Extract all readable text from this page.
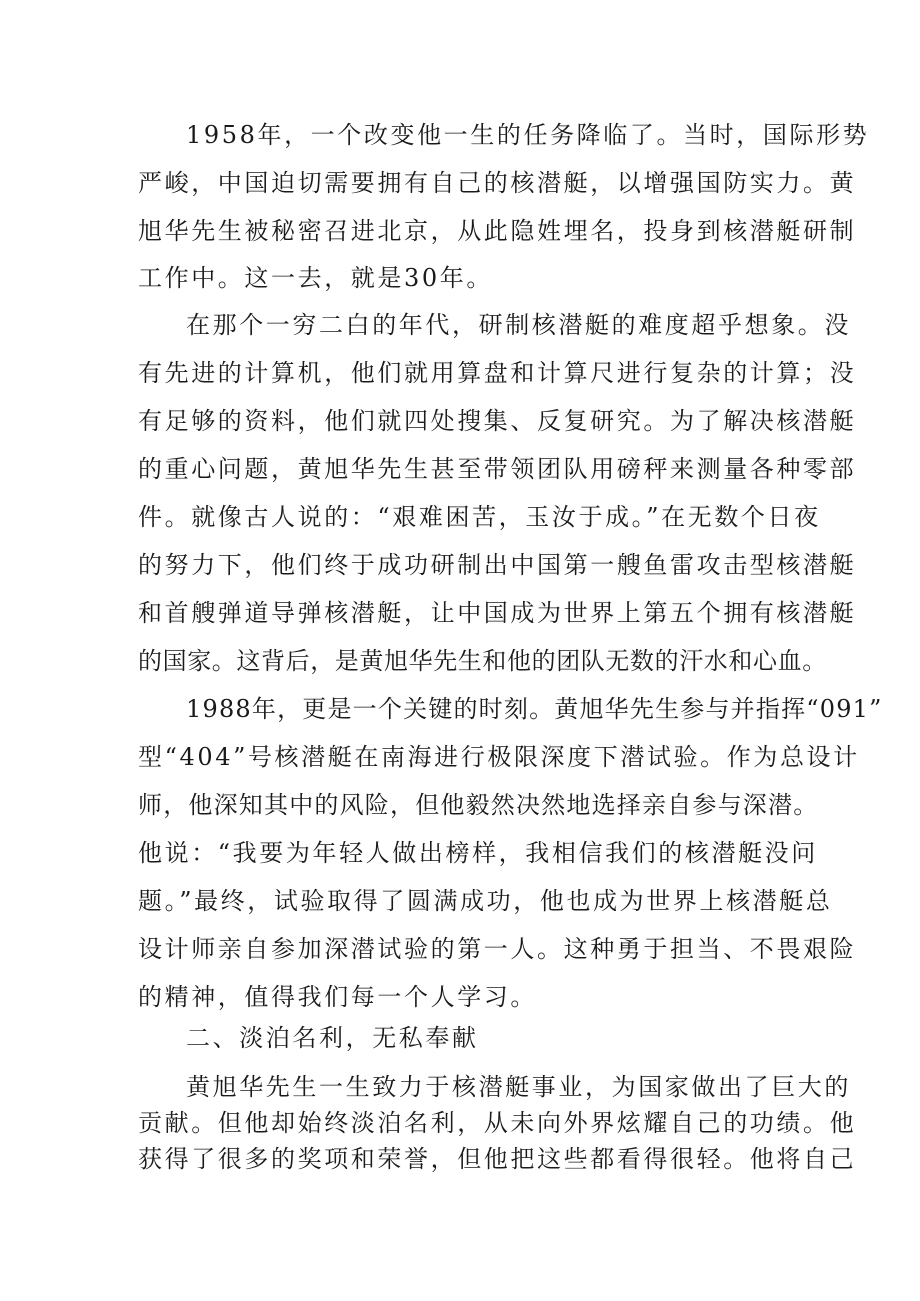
1958年，一个改变他一生的任务降临了。当时，国际形势
严峻，中国迫切需要拥有自己的核潜艇，以增强国防实力。黄
旭华先生被秘密召进北京，从此隐姓埋名，投身到核潜艇研制
工作中。这一去，就是30年。
在那个一穷二白的年代，研制核潜艇的难度超乎想象。没
有先进的计算机，他们就用算盘和计算尺进行复杂的计算；没
有足够的资料，他们就四处搜集、反复研究。为了解决核潜艇
的重心问题，黄旭华先生甚至带领团队用磅秤来测量各种零部
件。就像古人说的：“艰难困苦，玉汝于成。”在无数个日夜
的努力下，他们终于成功研制出中国第一艘鱼雷攻击型核潜艇
和首艘弹道导弹核潜艇，让中国成为世界上第五个拥有核潜艇
的国家。这背后，是黄旭华先生和他的团队无数的汗水和心血。
1988年，更是一个关键的时刻。黄旭华先生参与并指挥“091”
型“404”号核潜艇在南海进行极限深度下潜试验。作为总设计
师，他深知其中的风险，但他毅然决然地选择亲自参与深潜。
他说：“我要为年轻人做出榜样，我相信我们的核潜艇没问
题。”最终，试验取得了圆满成功，他也成为世界上核潜艇总
设计师亲自参加深潜试验的第一人。这种勇于担当、不畏艰险
的精神，值得我们每一个人学习。
二、淡泊名利，无私奉献
黄旭华先生一生致力于核潜艇事业，为国家做出了巨大的
贡献。但他却始终淡泊名利，从未向外界炫耀自己的功绩。他
获得了很多的奖项和荣誉，但他把这些都看得很轻。他将自己
